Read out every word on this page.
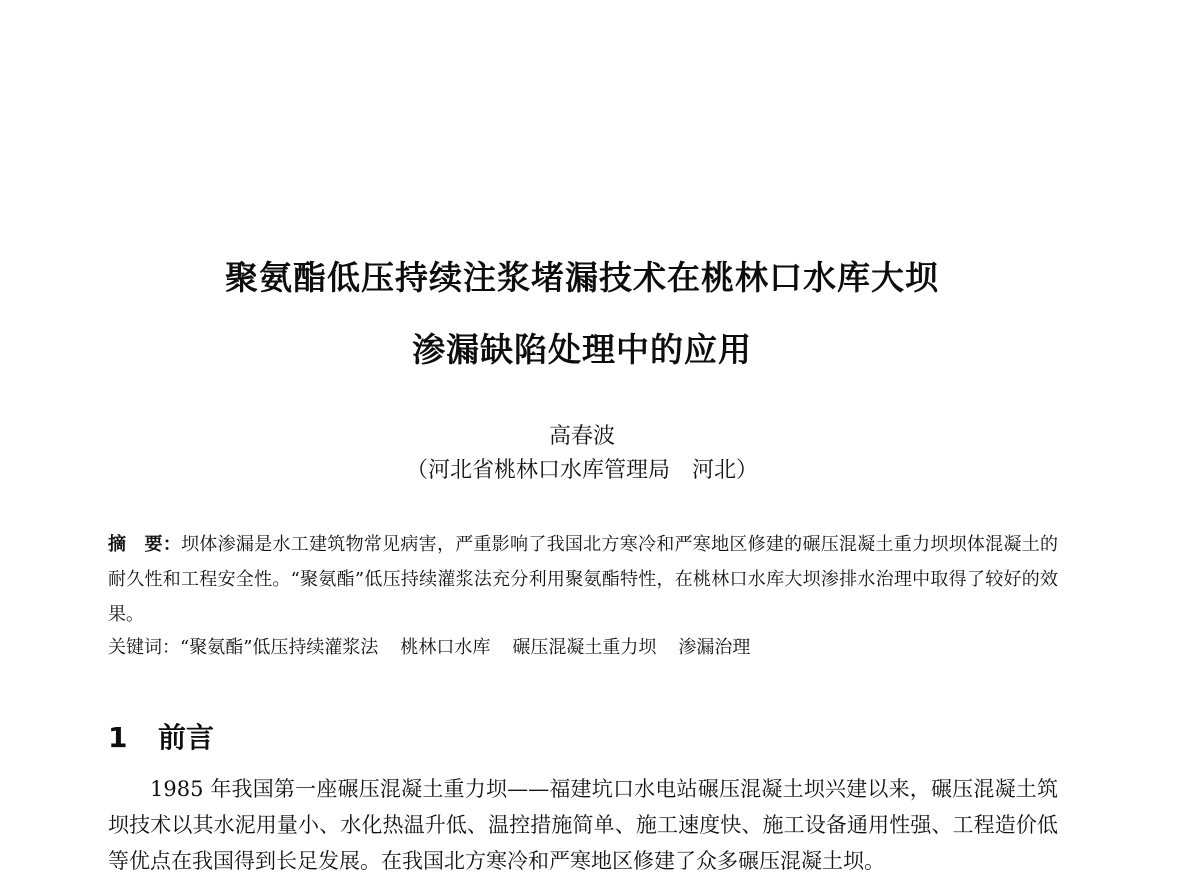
聚氨酯低压持续注浆堵漏技术在桃林口水库大坝
渗漏缺陷处理中的应用
高春波
（河北省桃林口水库管理局　河北）
摘　要：坝体渗漏是水工建筑物常见病害，严重影响了我国北方寒冷和严寒地区修建的碾压混凝土重力坝坝体混凝土的耐久性和工程安全性。“聚氨酯”低压持续灌浆法充分利用聚氨酯特性，在桃林口水库大坝渗排水治理中取得了较好的效果。
关键词：“聚氨酯”低压持续灌浆法 桃林口水库 碾压混凝土重力坝 渗漏治理
1 前言
1985 年我国第一座碾压混凝土重力坝——福建坑口水电站碾压混凝土坝兴建以来，碾压混凝土筑坝技术以其水泥用量小、水化热温升低、温控措施简单、施工速度快、施工设备通用性强、工程造价低等优点在我国得到长足发展。在我国北方寒冷和严寒地区修建了众多碾压混凝土坝。
